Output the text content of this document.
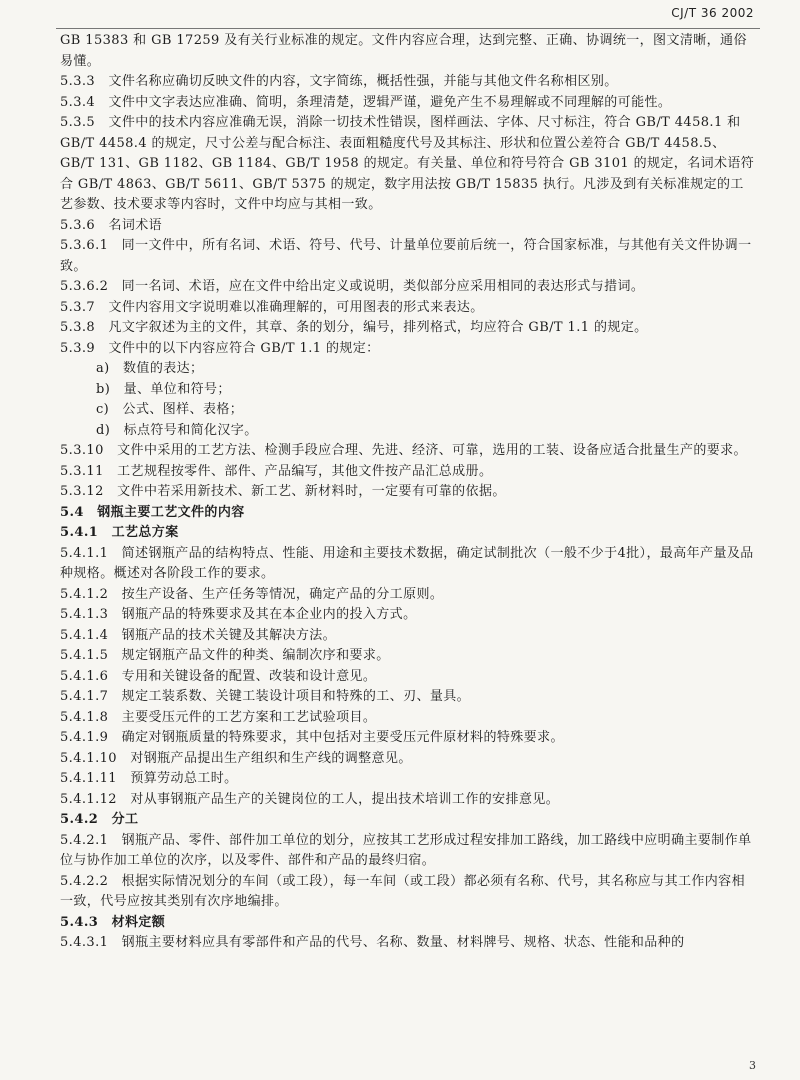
CJ/T 36 2002

GB 15383 和 GB 17259 及有关行业标准的规定。文件内容应合理，达到完整、正确、协调统一，图文清晰，通俗易懂。

5.3.3　文件名称应确切反映文件的内容，文字简练，概括性强，并能与其他文件名称相区别。

5.3.4　文件中文字表达应准确、简明，条理清楚，逻辑严谨，避免产生不易理解或不同理解的可能性。

5.3.5　文件中的技术内容应准确无误，消除一切技术性错误，图样画法、字体、尺寸标注，符合 GB/T 4458.1 和 GB/T 4458.4 的规定，尺寸公差与配合标注、表面粗糙度代号及其标注、形状和位置公差符合 GB/T 4458.5、GB/T 131、GB 1182、GB 1184、GB/T 1958 的规定。有关量、单位和符号符合 GB 3101 的规定，名词术语符合 GB/T 4863、GB/T 5611、GB/T 5375 的规定，数字用法按 GB/T 15835 执行。凡涉及到有关标准规定的工艺参数、技术要求等内容时，文件中均应与其相一致。

5.3.6　名词术语

5.3.6.1　同一文件中，所有名词、术语、符号、代号、计量单位要前后统一，符合国家标准，与其他有关文件协调一致。

5.3.6.2　同一名词、术语，应在文件中给出定义或说明，类似部分应采用相同的表达形式与措词。

5.3.7　文件内容用文字说明难以准确理解的，可用图表的形式来表达。

5.3.8　凡文字叙述为主的文件，其章、条的划分，编号，排列格式，均应符合 GB/T 1.1 的规定。

5.3.9　文件中的以下内容应符合 GB/T 1.1 的规定：

a)　数值的表达；

b)　量、单位和符号；

c)　公式、图样、表格；

d)　标点符号和简化汉字。

5.3.10　文件中采用的工艺方法、检测手段应合理、先进、经济、可靠，选用的工装、设备应适合批量生产的要求。

5.3.11　工艺规程按零件、部件、产品编写，其他文件按产品汇总成册。

5.3.12　文件中若采用新技术、新工艺、新材料时，一定要有可靠的依据。

5.4　钢瓶主要工艺文件的内容

5.4.1　工艺总方案

5.4.1.1　简述钢瓶产品的结构特点、性能、用途和主要技术数据，确定试制批次（一般不少于4批），最高年产量及品种规格。概述对各阶段工作的要求。

5.4.1.2　按生产设备、生产任务等情况，确定产品的分工原则。

5.4.1.3　钢瓶产品的特殊要求及其在本企业内的投入方式。

5.4.1.4　钢瓶产品的技术关键及其解决方法。

5.4.1.5　规定钢瓶产品文件的种类、编制次序和要求。

5.4.1.6　专用和关键设备的配置、改装和设计意见。

5.4.1.7　规定工装系数、关键工装设计项目和特殊的工、刃、量具。

5.4.1.8　主要受压元件的工艺方案和工艺试验项目。

5.4.1.9　确定对钢瓶质量的特殊要求，其中包括对主要受压元件原材料的特殊要求。

5.4.1.10　对钢瓶产品提出生产组织和生产线的调整意见。

5.4.1.11　预算劳动总工时。

5.4.1.12　对从事钢瓶产品生产的关键岗位的工人，提出技术培训工作的安排意见。

5.4.2　分工

5.4.2.1　钢瓶产品、零件、部件加工单位的划分，应按其工艺形成过程安排加工路线，加工路线中应明确主要制作单位与协作加工单位的次序，以及零件、部件和产品的最终归宿。

5.4.2.2　根据实际情况划分的车间（或工段），每一车间（或工段）都必须有名称、代号，其名称应与其工作内容相一致，代号应按其类别有次序地编排。

5.4.3　材料定额

5.4.3.1　钢瓶主要材料应具有零部件和产品的代号、名称、数量、材料牌号、规格、状态、性能和品种的

3
